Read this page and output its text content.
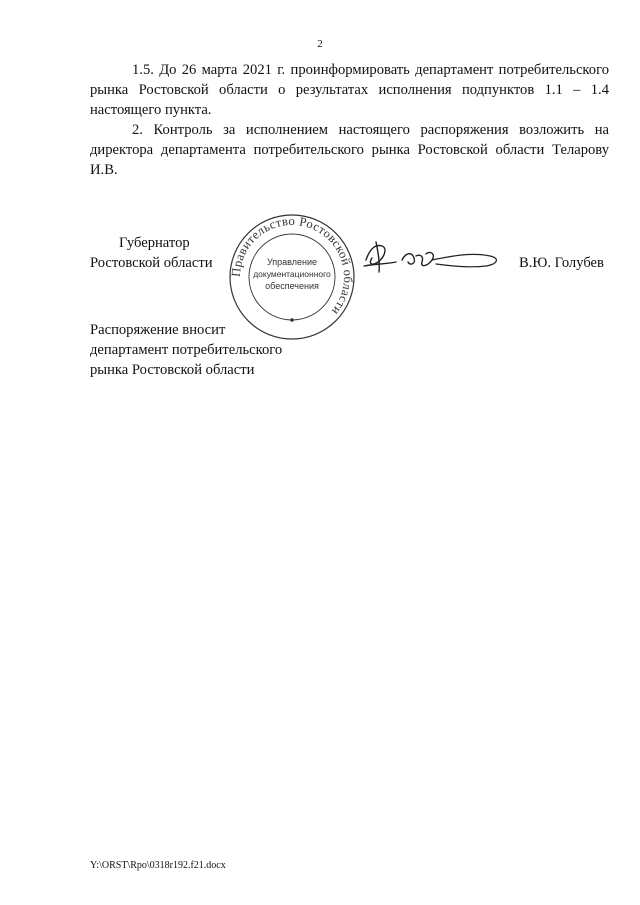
2

1.5. До 26 марта 2021 г. проинформировать департамент потребительского рынка Ростовской области о результатах исполнения подпунктов 1.1 – 1.4 настоящего пункта.

2. Контроль за исполнением настоящего распоряжения возложить на директора департамента потребительского рынка Ростовской области Теларову И.В.

Губернатор
Ростовской области
Правительство Ростовской области
Управление
документационного
обеспечения
В.Ю. Голубев
Распоряжение вносит
департамент потребительского
рынка Ростовской области
Y:\ORST\Rpo\0318r192.f21.docx
